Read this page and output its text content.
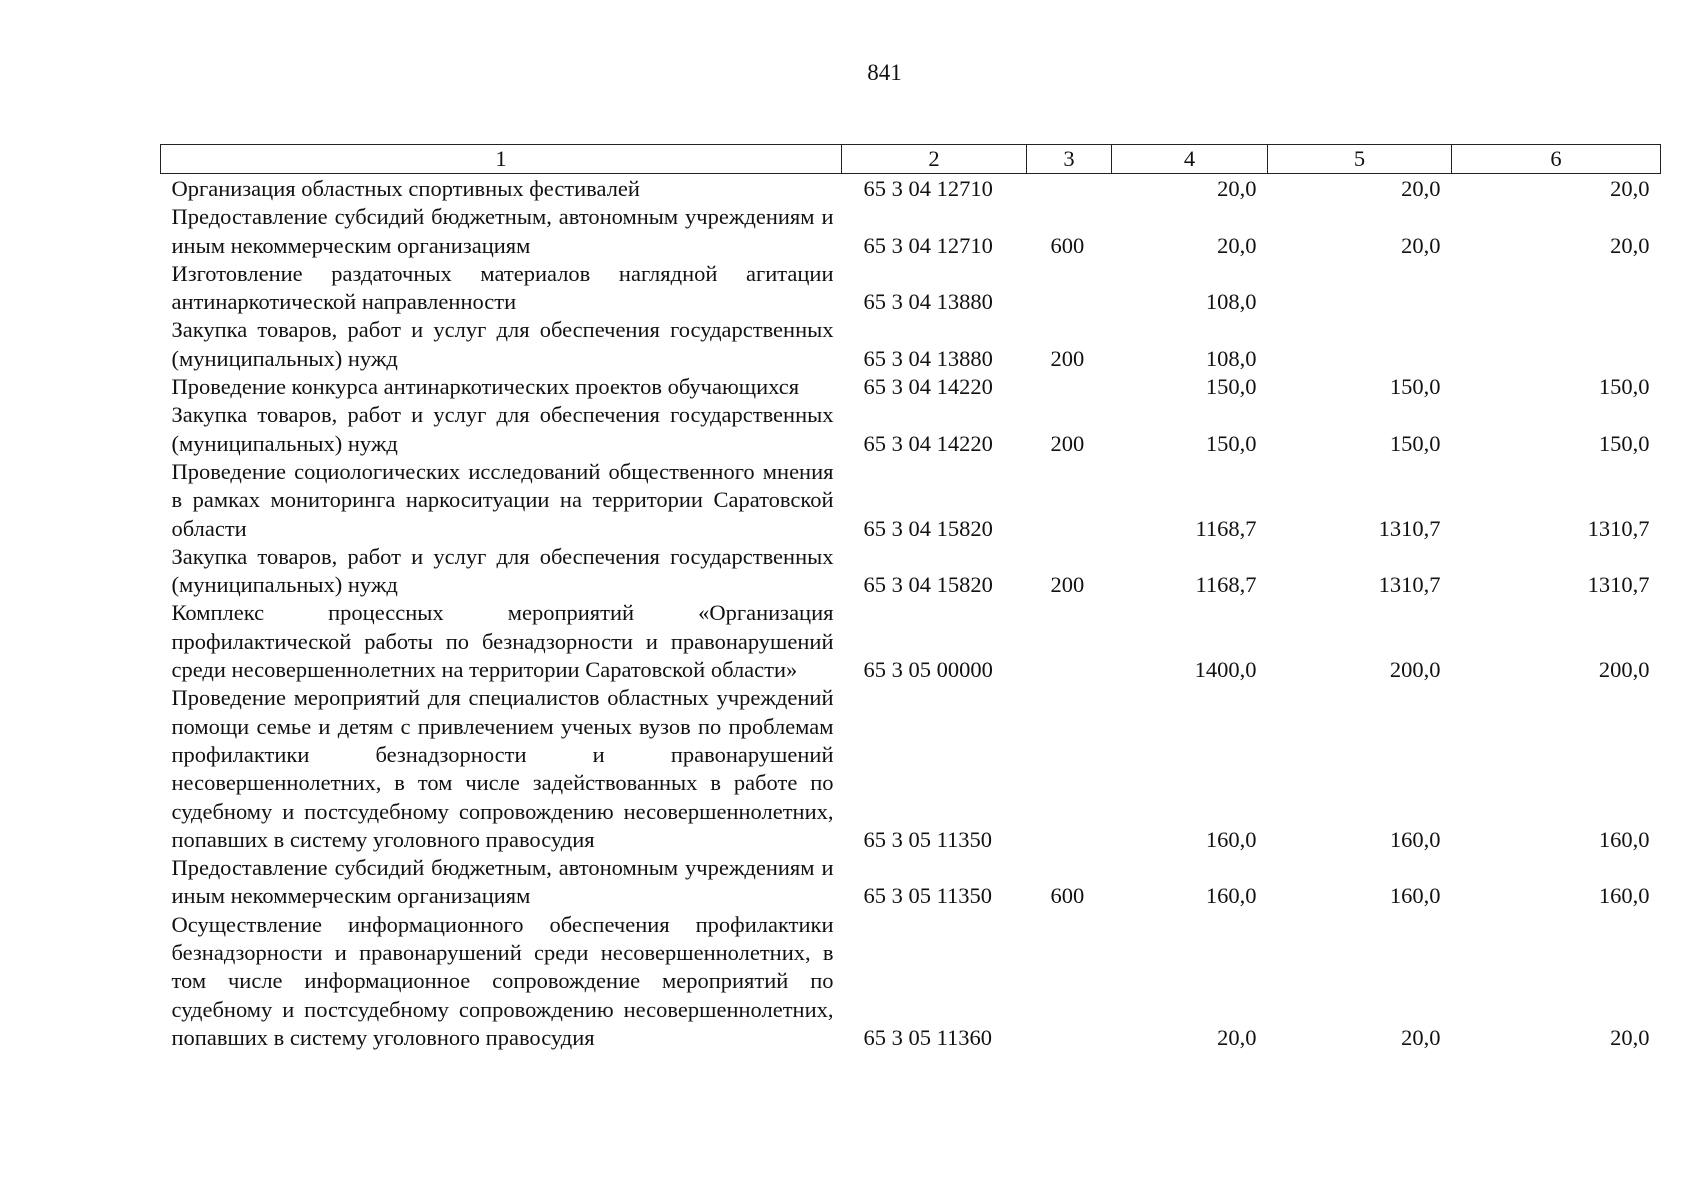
841
1	2	3	4	5	6
Организация областных спортивных фестивалей	65 3 04 12710		20,0	20,0	20,0
Предоставление субсидий бюджетным, автономным учреждениям и иным некоммерческим организациям	65 3 04 12710	600	20,0	20,0	20,0
Изготовление раздаточных материалов наглядной агитации антинаркотической направленности	65 3 04 13880		108,0		
Закупка товаров, работ и услуг для обеспечения государственных (муниципальных) нужд	65 3 04 13880	200	108,0		
Проведение конкурса антинаркотических проектов обучающихся	65 3 04 14220		150,0	150,0	150,0
Закупка товаров, работ и услуг для обеспечения государственных (муниципальных) нужд	65 3 04 14220	200	150,0	150,0	150,0
Проведение социологических исследований общественного мнения в рамках мониторинга наркоситуации на территории Саратовской области	65 3 04 15820		1168,7	1310,7	1310,7
Закупка товаров, работ и услуг для обеспечения государственных (муниципальных) нужд	65 3 04 15820	200	1168,7	1310,7	1310,7
Комплекс процессных мероприятий «Организация профилактической работы по безнадзорности и правонарушений среди несовершеннолетних на территории Саратовской области»	65 3 05 00000		1400,0	200,0	200,0
Проведение мероприятий для специалистов областных учреждений помощи семье и детям с привлечением ученых вузов по проблемам профилактики безнадзорности и правонарушений несовершеннолетних, в том числе задействованных в работе по судебному и постсудебному сопровождению несовершеннолетних, попавших в систему уголовного правосудия	65 3 05 11350		160,0	160,0	160,0
Предоставление субсидий бюджетным, автономным учреждениям и иным некоммерческим организациям	65 3 05 11350	600	160,0	160,0	160,0
Осуществление информационного обеспечения профилактики безнадзорности и правонарушений среди несовершеннолетних, в том числе информационное сопровождение мероприятий по судебному и постсудебному сопровождению несовершеннолетних, попавших в систему уголовного правосудия	65 3 05 11360		20,0	20,0	20,0
